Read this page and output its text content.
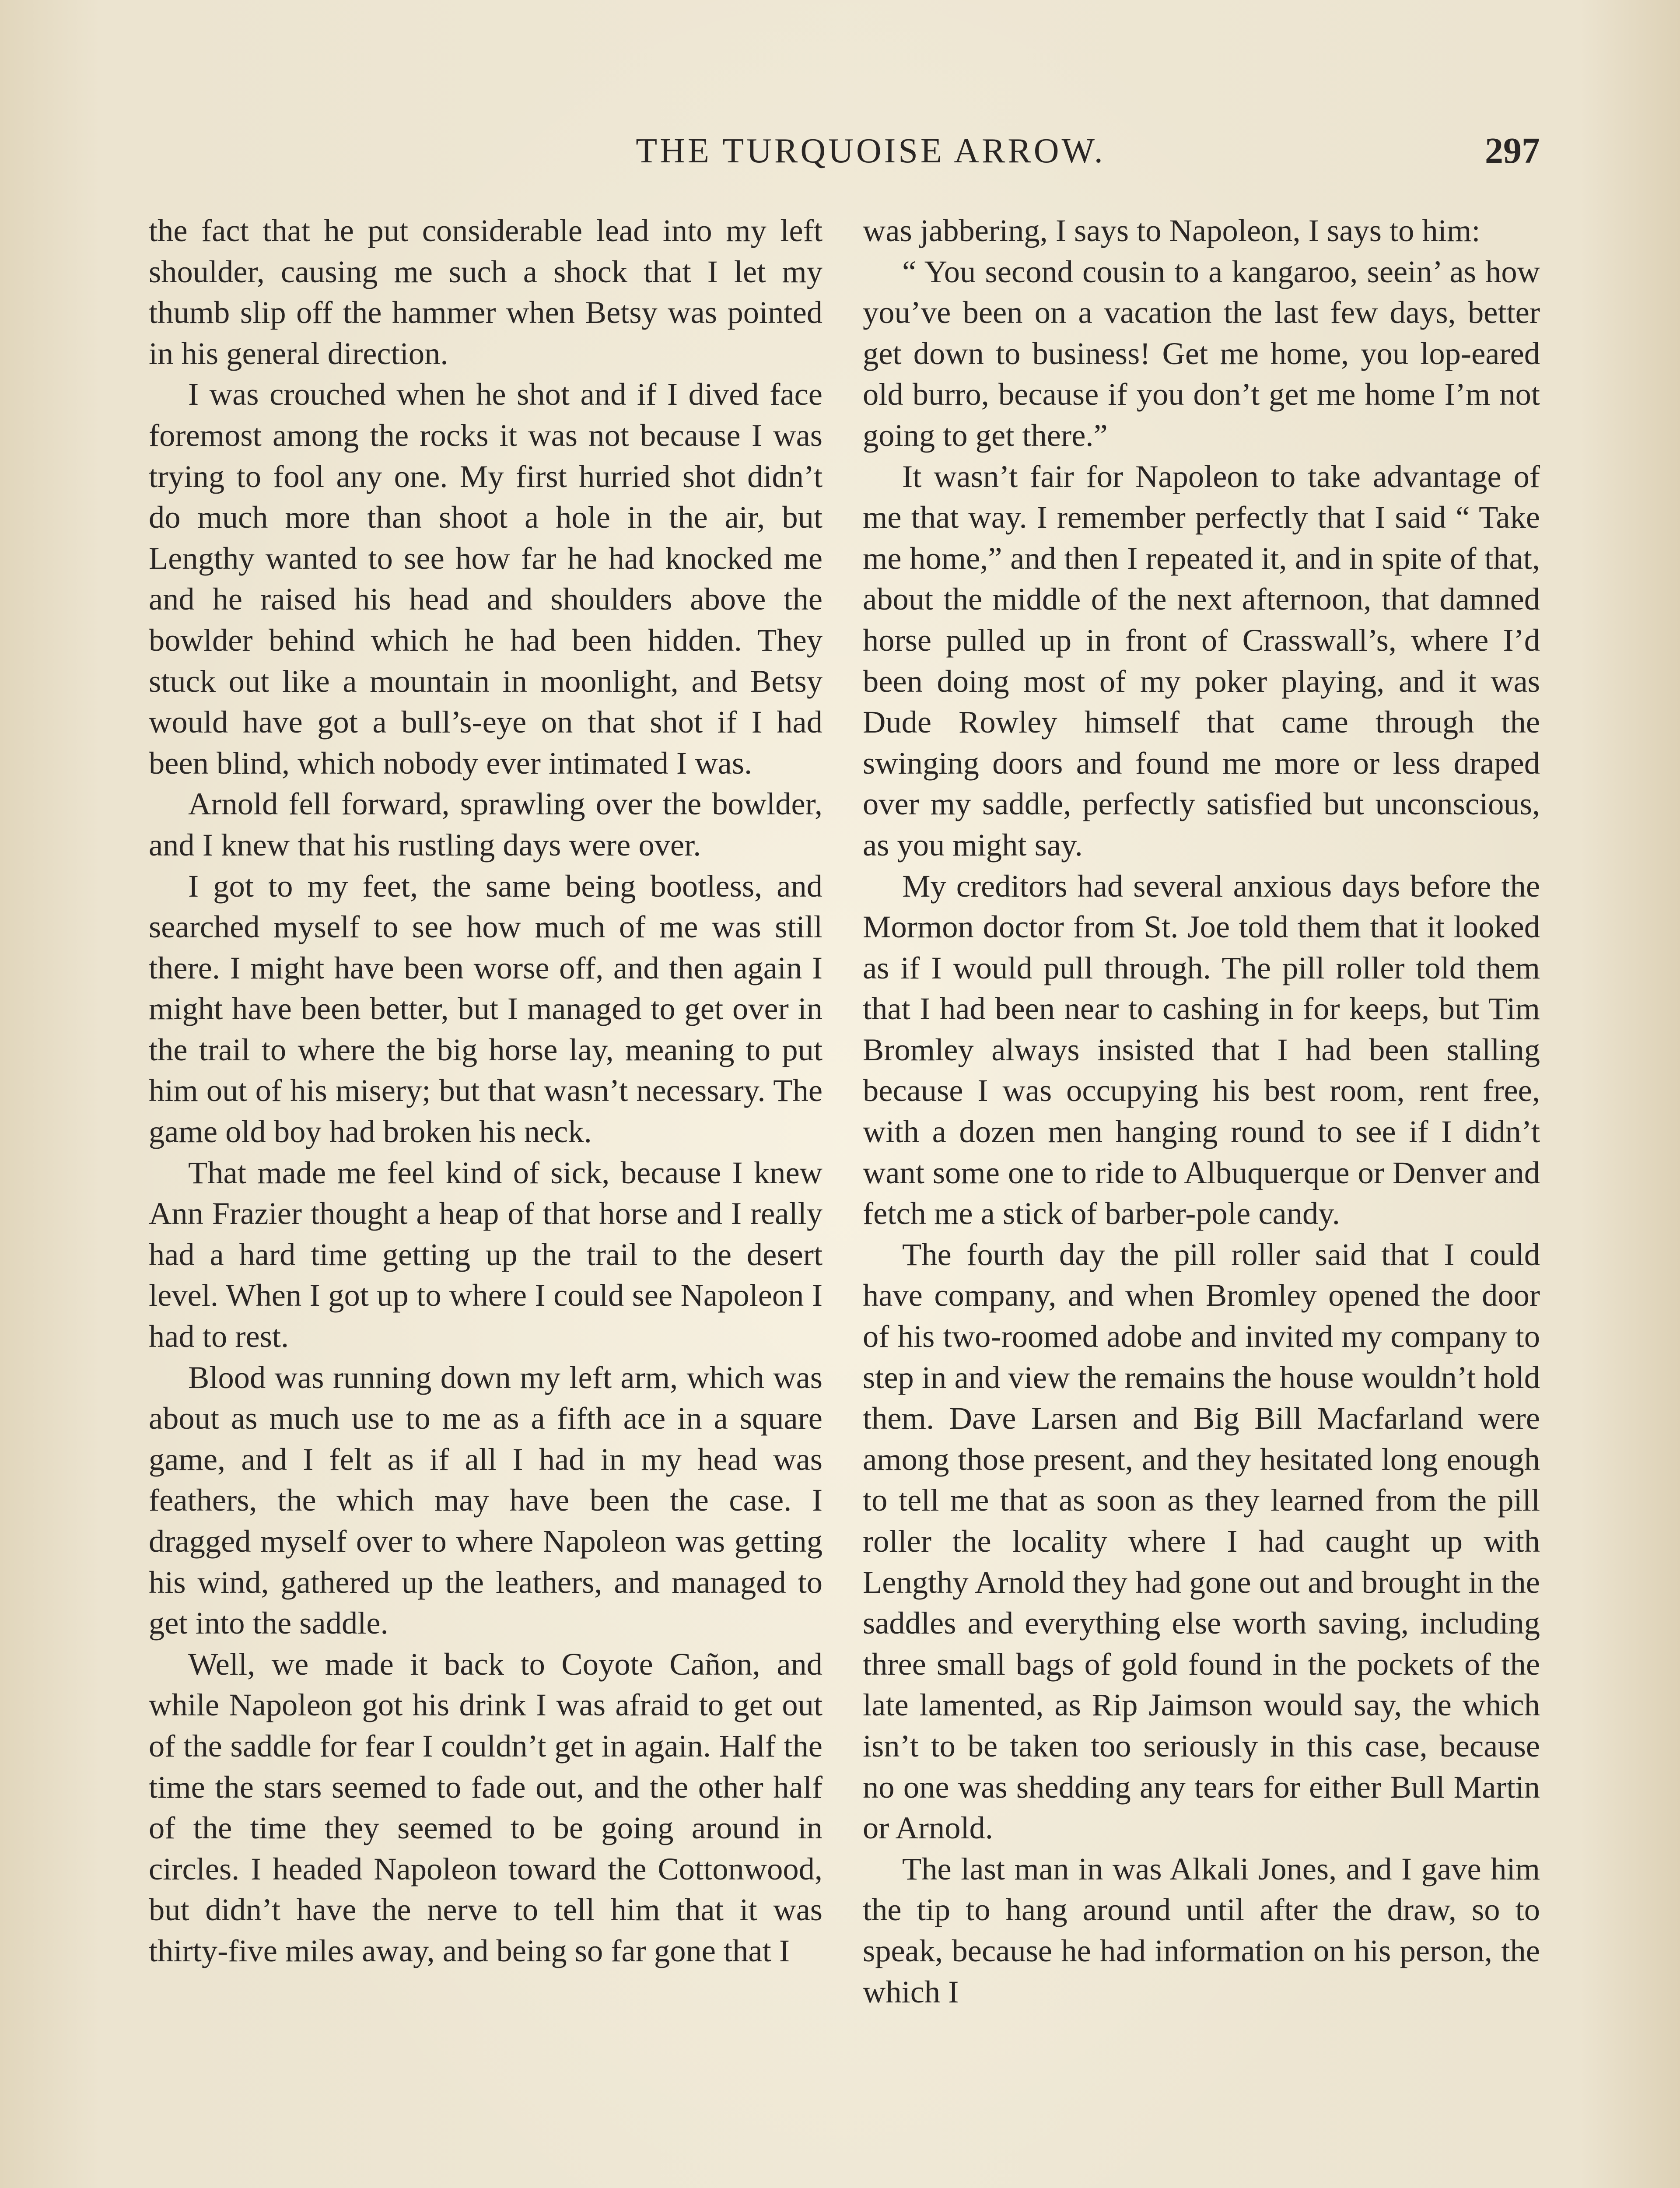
THE TURQUOISE ARROW.	297

the fact that he put considerable lead into my left shoulder, causing me such a shock that I let my thumb slip off the hammer when Betsy was pointed in his general direction.

I was crouched when he shot and if I dived face foremost among the rocks it was not because I was trying to fool any one. My first hurried shot didn’t do much more than shoot a hole in the air, but Lengthy wanted to see how far he had knocked me and he raised his head and shoulders above the bowlder behind which he had been hidden. They stuck out like a mountain in moonlight, and Betsy would have got a bull’s-eye on that shot if I had been blind, which nobody ever intimated I was.

Arnold fell forward, sprawling over the bowlder, and I knew that his rustling days were over.

I got to my feet, the same being bootless, and searched myself to see how much of me was still there. I might have been worse off, and then again I might have been better, but I managed to get over in the trail to where the big horse lay, meaning to put him out of his misery; but that wasn’t necessary. The game old boy had broken his neck.

That made me feel kind of sick, because I knew Ann Frazier thought a heap of that horse and I really had a hard time getting up the trail to the desert level. When I got up to where I could see Napoleon I had to rest.

Blood was running down my left arm, which was about as much use to me as a fifth ace in a square game, and I felt as if all I had in my head was feathers, the which may have been the case. I dragged myself over to where Napoleon was getting his wind, gathered up the leathers, and managed to get into the saddle.

Well, we made it back to Coyote Cañon, and while Napoleon got his drink I was afraid to get out of the saddle for fear I couldn’t get in again. Half the time the stars seemed to fade out, and the other half of the time they seemed to be going around in circles. I headed Napoleon toward the Cottonwood, but didn’t have the nerve to tell him that it was thirty-five miles away, and being so far gone that I

was jabbering, I says to Napoleon, I says to him:

“ You second cousin to a kangaroo, seein’ as how you’ve been on a vacation the last few days, better get down to business! Get me home, you lop-eared old burro, because if you don’t get me home I’m not going to get there.”

It wasn’t fair for Napoleon to take advantage of me that way. I remember perfectly that I said “ Take me home,” and then I repeated it, and in spite of that, about the middle of the next afternoon, that damned horse pulled up in front of Crasswall’s, where I’d been doing most of my poker playing, and it was Dude Rowley himself that came through the swinging doors and found me more or less draped over my saddle, perfectly satisfied but unconscious, as you might say.

My creditors had several anxious days before the Mormon doctor from St. Joe told them that it looked as if I would pull through. The pill roller told them that I had been near to cashing in for keeps, but Tim Bromley always insisted that I had been stalling because I was occupying his best room, rent free, with a dozen men hanging round to see if I didn’t want some one to ride to Albuquerque or Denver and fetch me a stick of barber-pole candy.

The fourth day the pill roller said that I could have company, and when Bromley opened the door of his two-roomed adobe and invited my company to step in and view the remains the house wouldn’t hold them. Dave Larsen and Big Bill Macfarland were among those present, and they hesitated long enough to tell me that as soon as they learned from the pill roller the locality where I had caught up with Lengthy Arnold they had gone out and brought in the saddles and everything else worth saving, including three small bags of gold found in the pockets of the late lamented, as Rip Jaimson would say, the which isn’t to be taken too seriously in this case, because no one was shedding any tears for either Bull Martin or Arnold.

The last man in was Alkali Jones, and I gave him the tip to hang around until after the draw, so to speak, because he had information on his person, the which I
